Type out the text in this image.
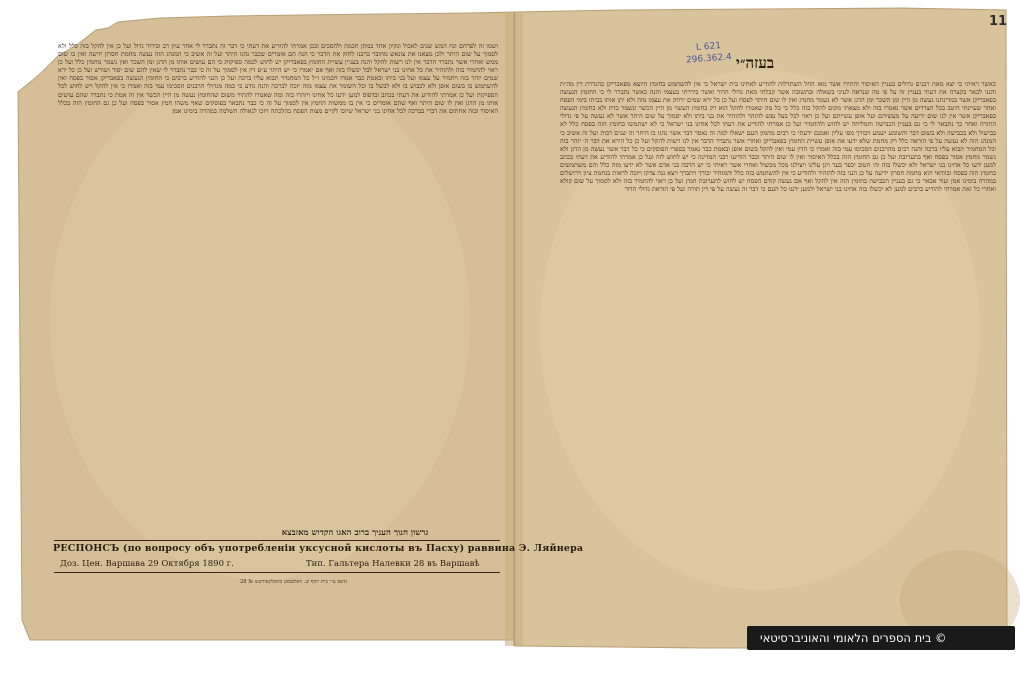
11
L 621
296.362.4 בעזה״י
כאשר ראיתי כי יצא מאת רבנים גדולים בעניין האיסור והתירו אשר מאז החל השתדלות להודיע לאחינו בית ישראל כי אין להשתמש בחומץ היוצא מפאבריקן כהגדרת דין מה״ת והנני לבאר בקצרה את דעתי בעניין זה על פי מה שנראה לעיני בשאלה ובתשובה אשר קבלתי מאת גדולי הדור ואשר ביררתי בעצמי והנה כאשר נתברר לי כי החומץ הנעשה בפאבריקן אשר במדינתנו נעשה מן היין ומן השכר ומן הדגן אשר לא נשמר מחמץ ואין לו שום היתר לפסח ועל כן כל ירא שמים ירחק את עצמו מזה ולא יתן אותו בביתו בימי הפסח ואחר שעיינתי היטב בכל הצדדים אשר נאמרו בזה ולא מצאתי מקום להקל בזה כלל כי כל מה שאמרו להקל הוא רק בחומץ העשוי מן היין הכשר ונשמר כדת ולא בחומץ הנעשה בפאבריקן אשר אין לנו שום ידיעה על מעשיהם ועל אופן עשייתם ועל כן ראוי לכל בעל נפש להזהר ולהזהיר את בני ביתו ולא יסמוך על שום היתר אשר לא נעשה על פי גדולי התורה ואחר כך נתבאר לי כי גם בעניין הכבישה והמליחה יש לחוש ולהחמיר ועל כן אמרתי להודיע את דעתי לכל אחינו בני ישראל כי לא ישתמשו בחומץ הזה בפסח כלל לא בבישול ולא בכבישה ולא בשום דבר והשומע ישמע ויבורך מפי עליון ואמנם ידעתי כי רבים מהמון העם ישאלו למה זה נאסר דבר אשר נהגו בו היתר זה שנים רבות ועל זה אשיב כי המנהג הזה לא נעשה על פי הוראה כלל רק מחמת שלא ידעו את אופן עשיית החומץ בפאבריקן ואחרי אשר נתברר הדבר אין לנו רשות להקל ועל כן כל הירא את דבר ה׳ יזהר בזה וכל המחמיר תבוא עליו ברכה והנה רבים מהרבנים הסכימו עמי בזה ואמרו כי הדין עמי ואין להקל בשום אופן ובאמת כבר נאמר בספרי הפוסקים כי כל דבר אשר נעשה מן הדגן ולא נשמר מחמץ אסור בפסח ואף בתערובת ועל כן גם החומץ הזה בכלל האיסור ואין לו שום היתר וכבר הודיעו רבני המדינה כי יש לחוש לזה ועל כן אמרתי להודיע את דעתי בכתב למען ידעו כל אחינו בני ישראל ולא יכשלו בזה וה׳ הטוב יכפר בעד ויגן עלינו ויצילנו מכל מכשול ואחרי אשר ראיתי כי יש הרבה בני אדם אשר לא ידעו מזה כלל והם משתמשים בחומץ הזה בפסח ובוודאי הוא מחמת חסרון ידיעה על כן הנני בזה להזהיר ולהודיע כי אין להשתמש בזה כלל והמזהיר יבורך ויתברך ויצא נגה צדקו ויזכה לראות בנחמת ציון וירושלים במהרה בימינו אמן ועוד אבאר כי גם בעניין הכבישה בחומץ הזה אין להקל ואף אם נעשה קודם הפסח יש לחוש לתערובת חמץ ועל כן ראוי להחמיר בזה ולא לסמוך על שום קולא ואחרי כל זאת אמרתי להודיע ברבים למען לא יכשלו בזה אחינו בני ישראל ולמען ידעו כל העם כי דבר זה נעשה על פי דין תורה ועל פי הוראת גדולי הדור
ושמו זה לפרחם ונח המש שנים לאכול ונקיון אחד במתן חכמה ולהסכים ובכן אמרתי להודיע את דעתי כי דבר זה נתברר לי אחר עיון רב ובירור גדול ועל כן אין להקל בזה כלל ולא לסמוך על שום היתר ולכן מצאנו את צונאש מחובר ברבנו לחזק את הדבר כי הנה הם אומרים שכבר נהגו היתר ועל זה אשיב כי המנהג הזה נעשה מחמת חסרון ידיעה ואין בו שום ממש ואחרי אשר נתברר הדבר אין לנו רשות להקל והנה בעניין עשיית החומץ בפאבריקן יש לחוש לכמה ספיקות כי הם עושים אותו מן הדגן ומן השכר ואין נשמר מחמץ כלל ועל כן ראוי להחמיר בזה ולהזהיר את כל אחינו בני ישראל לבל יכשלו בזה ואף אם יאמרו כי יש היתר ע״פ דין אין לסמוך על זה כי כבר נתברר לי שאין להם שום יסוד ושורש ועל כן כל ירא שמים יזהר בזה ויחמיר על עצמו ועל בני ביתו ובאמת כבר אמרו חכמינו ז״ל כל המחמיר תבוא עליו ברכה ועל כן הנני להודיע ברבים כי החומץ הנעשה בפאבריקן אסור בפסח ואין להשתמש בו בשום אופן ולא לכבוש בו ולא לבשל בו וכל השומר את עצמו מזה יזכה לברכה והנה נודע כי כמה מגדולי הרבנים הסכימו עמי בזה ואמרו כי אין להקל ויש לחוש לכל הספיקות ועל כן אמרתי להודיע את דעתי בכתב ובדפוס למען ידעו כל אחינו ויזהרו בזה ומה שאמרו להתיר משום שהחומץ נעשה מן היין הכשר אין זה אמת כי נתברר שהם עושים אותו מן הדגן ואין לו שום היתר ואף שהם אומרים כי אין בו ממשות החמץ אין לסמוך על זה כי כבר נתבאר בפוסקים שאף משהו חמץ אסור בפסח ועל כן גם החומץ הזה בכלל האיסור ובזה אחתום את דברי בברכה לכל אחינו בני ישראל שיזכו לקיים מצות הפסח כהלכתה ויזכו לגאולה השלמה במהרה בימינו אמן
גרשון חנוך העניך ברוב האגו הקדוש מאזבצא
РЕСПОНСЪ (по вопросу объ употребленiи уксусной кислоты въ Пасху) раввина Э. Ляйнера
Доз. Цен. Варшава 29 Октября 1890 г.	Тип. Гальтера Налевки 28 въ Варшавѣ
נדפס ע״י בית יוסף ש. וואלפסאן בוואלקאוויטש № 28
© בית הספרים הלאומי והאוניברסיטאי
